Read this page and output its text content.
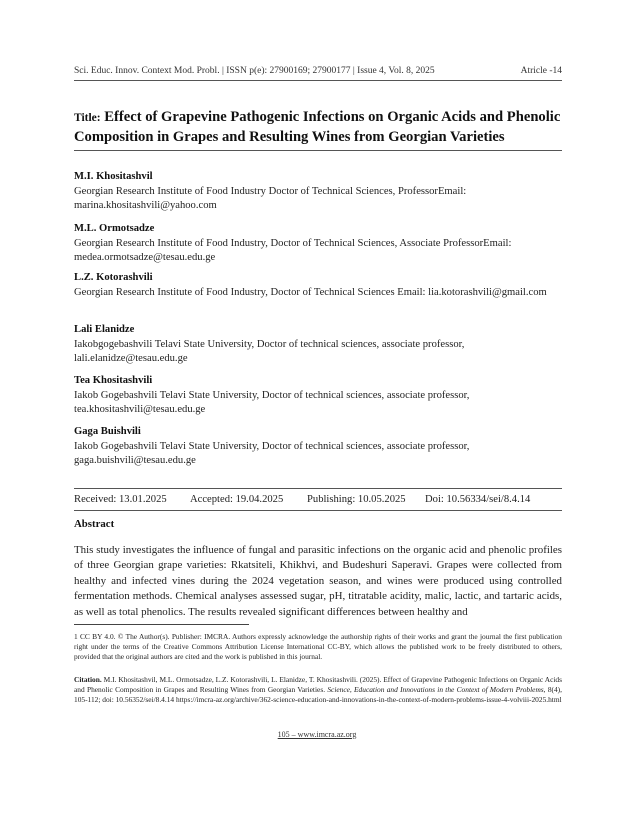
Sci. Educ. Innov. Context Mod. Probl. | ISSN p(e): 27900169; 27900177 | Issue 4, Vol. 8, 2025	Atricle -14
Title: Effect of Grapevine Pathogenic Infections on Organic Acids and Phenolic Composition in Grapes and Resulting Wines from Georgian Varieties
M.I. Khositashvil
Georgian Research Institute of Food Industry Doctor of Technical Sciences, ProfessorEmail: marina.khositashvili@yahoo.com
M.L. Ormotsadze
Georgian Research Institute of Food Industry, Doctor of Technical Sciences, Associate ProfessorEmail: medea.ormotsadze@tesau.edu.ge
L.Z. Kotorashvili
Georgian Research Institute of Food Industry, Doctor of Technical Sciences Email: lia.kotorashvili@gmail.com
Lali Elanidze
Iakobgogebashvili Telavi State University, Doctor of technical sciences, associate professor, lali.elanidze@tesau.edu.ge
Tea Khositashvili
Iakob Gogebashvili Telavi State University, Doctor of technical sciences, associate professor, tea.khositashvili@tesau.edu.ge
Gaga Buishvili
Iakob Gogebashvili Telavi State University, Doctor of technical sciences, associate professor, gaga.buishvili@tesau.edu.ge
Received: 13.01.2025	Accepted: 19.04.2025	Publishing: 10.05.2025	Doi: 10.56334/sei/8.4.14
Abstract

This study investigates the influence of fungal and parasitic infections on the organic acid and phenolic profiles of three Georgian grape varieties: Rkatsiteli, Khikhvi, and Budeshuri Saperavi. Grapes were collected from healthy and infected vines during the 2024 vegetation season, and wines were produced using controlled fermentation methods. Chemical analyses assessed sugar, pH, titratable acidity, malic, lactic, and tartaric acids, as well as total phenolics. The results revealed significant differences between healthy and

1 CC BY 4.0. © The Author(s). Publisher: IMCRA. Authors expressly acknowledge the authorship rights of their works and grant the journal the first publication right under the terms of the Creative Commons Attribution License International CC-BY, which allows the published work to be freely distributed to others, provided that the original authors are cited and the work is published in this journal.

Citation. M.I. Khositashvil, M.L. Ormotsadze, L.Z. Kotorashvili, L. Elanidze, T. Khositashvili. (2025). Effect of Grapevine Pathogenic Infections on Organic Acids and Phenolic Composition in Grapes and Resulting Wines from Georgian Varieties. Science, Education and Innovations in the Context of Modern Problems, 8(4), 105-112; doi: 10.56352/sei/8.4.14 https://imcra-az.org/archive/362-science-education-and-innovations-in-the-context-of-modern-problems-issue-4-volviii-2025.html

105 – www.imcra.az.org
